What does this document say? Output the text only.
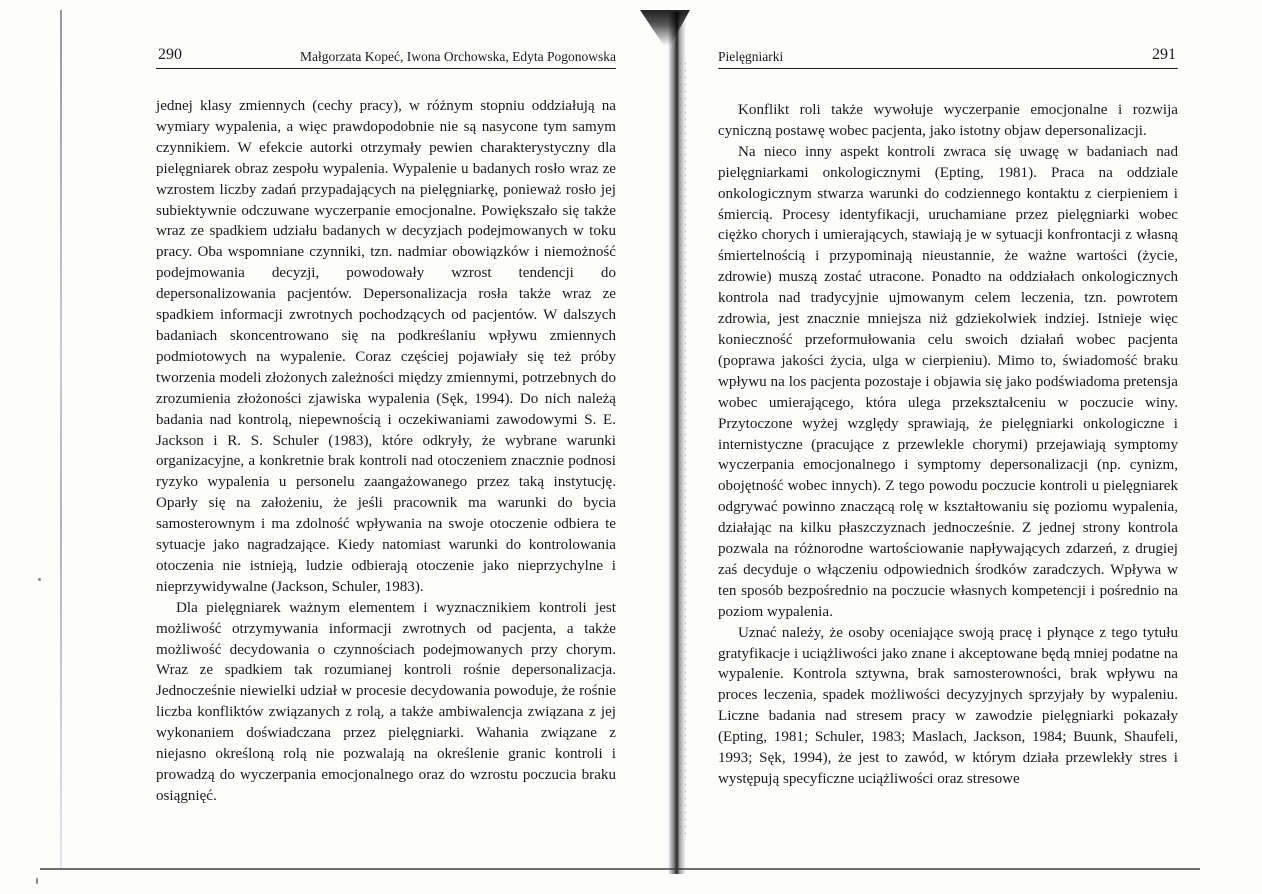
290	Małgorzata Kopeć, Iwona Orchowska, Edyta Pogonowska

jednej klasy zmiennych (cechy pracy), w różnym stopniu oddziałują na wymiary wypalenia, a więc prawdopodobnie nie są nasycone tym samym czynnikiem. W efekcie autorki otrzymały pewien charakterystyczny dla pielęgniarek obraz zespołu wypalenia. Wypalenie u badanych rosło wraz ze wzrostem liczby zadań przypadających na pielęgniarkę, ponieważ rosło jej subiektywnie odczuwane wyczerpanie emocjonalne. Powiększało się także wraz ze spadkiem udziału badanych w decyzjach podejmowanych w toku pracy. Oba wspomniane czynniki, tzn. nadmiar obowiązków i niemożność podejmowania decyzji, powodowały wzrost tendencji do depersonalizowania pacjentów. Depersonalizacja rosła także wraz ze spadkiem informacji zwrotnych pochodzących od pacjentów. W dalszych badaniach skoncentrowano się na podkreślaniu wpływu zmiennych podmiotowych na wypalenie. Coraz częściej pojawiały się też próby tworzenia modeli złożonych zależności między zmiennymi, potrzebnych do zrozumienia złożoności zjawiska wypalenia (Sęk, 1994). Do nich należą badania nad kontrolą, niepewnością i oczekiwaniami zawodowymi S. E. Jackson i R. S. Schuler (1983), które odkryły, że wybrane warunki organizacyjne, a konkretnie brak kontroli nad otoczeniem znacznie podnosi ryzyko wypalenia u personelu zaangażowanego przez taką instytucję. Oparły się na założeniu, że jeśli pracownik ma warunki do bycia samosterownym i ma zdolność wpływania na swoje otoczenie odbiera te sytuacje jako nagradzające. Kiedy natomiast warunki do kontrolowania otoczenia nie istnieją, ludzie odbierają otoczenie jako nieprzychylne i nieprzywidywalne (Jackson, Schuler, 1983).

Dla pielęgniarek ważnym elementem i wyznacznikiem kontroli jest możliwość otrzymywania informacji zwrotnych od pacjenta, a także możliwość decydowania o czynnościach podejmowanych przy chorym. Wraz ze spadkiem tak rozumianej kontroli rośnie depersonalizacja. Jednocześnie niewielki udział w procesie decydowania powoduje, że rośnie liczba konfliktów związanych z rolą, a także ambiwalencja związana z jej wykonaniem doświadczana przez pielęgniarki. Wahania związane z niejasno określoną rolą nie pozwalają na określenie granic kontroli i prowadzą do wyczerpania emocjonalnego oraz do wzrostu poczucia braku osiągnięć.

Pielęgniarki	291

Konflikt roli także wywołuje wyczerpanie emocjonalne i rozwija cyniczną postawę wobec pacjenta, jako istotny objaw depersonalizacji.

Na nieco inny aspekt kontroli zwraca się uwagę w badaniach nad pielęgniarkami onkologicznymi (Epting, 1981). Praca na oddziale onkologicznym stwarza warunki do codziennego kontaktu z cierpieniem i śmiercią. Procesy identyfikacji, uruchamiane przez pielęgniarki wobec ciężko chorych i umierających, stawiają je w sytuacji konfrontacji z własną śmiertelnością i przypominają nieustannie, że ważne wartości (życie, zdrowie) muszą zostać utracone. Ponadto na oddziałach onkologicznych kontrola nad tradycyjnie ujmowanym celem leczenia, tzn. powrotem zdrowia, jest znacznie mniejsza niż gdziekolwiek indziej. Istnieje więc konieczność przeformułowania celu swoich działań wobec pacjenta (poprawa jakości życia, ulga w cierpieniu). Mimo to, świadomość braku wpływu na los pacjenta pozostaje i objawia się jako podświadoma pretensja wobec umierającego, która ulega przekształceniu w poczucie winy. Przytoczone wyżej względy sprawiają, że pielęgniarki onkologiczne i internistyczne (pracujące z przewlekle chorymi) przejawiają symptomy wyczerpania emocjonalnego i symptomy depersonalizacji (np. cynizm, obojętność wobec innych). Z tego powodu poczucie kontroli u pielęgniarek odgrywać powinno znaczącą rolę w kształtowaniu się poziomu wypalenia, działając na kilku płaszczyznach jednocześnie. Z jednej strony kontrola pozwala na różnorodne wartościowanie napływających zdarzeń, z drugiej zaś decyduje o włączeniu odpowiednich środków zaradczych. Wpływa w ten sposób bezpośrednio na poczucie własnych kompetencji i pośrednio na poziom wypalenia.

Uznać należy, że osoby oceniające swoją pracę i płynące z tego tytułu gratyfikacje i uciążliwości jako znane i akceptowane będą mniej podatne na wypalenie. Kontrola sztywna, brak samosterowności, brak wpływu na proces leczenia, spadek możliwości decyzyjnych sprzyjały by wypaleniu. Liczne badania nad stresem pracy w zawodzie pielęgniarki pokazały (Epting, 1981; Schuler, 1983; Maslach, Jackson, 1984; Buunk, Shaufeli, 1993; Sęk, 1994), że jest to zawód, w którym działa przewlekły stres i występują specyficzne uciążliwości oraz stresowe
